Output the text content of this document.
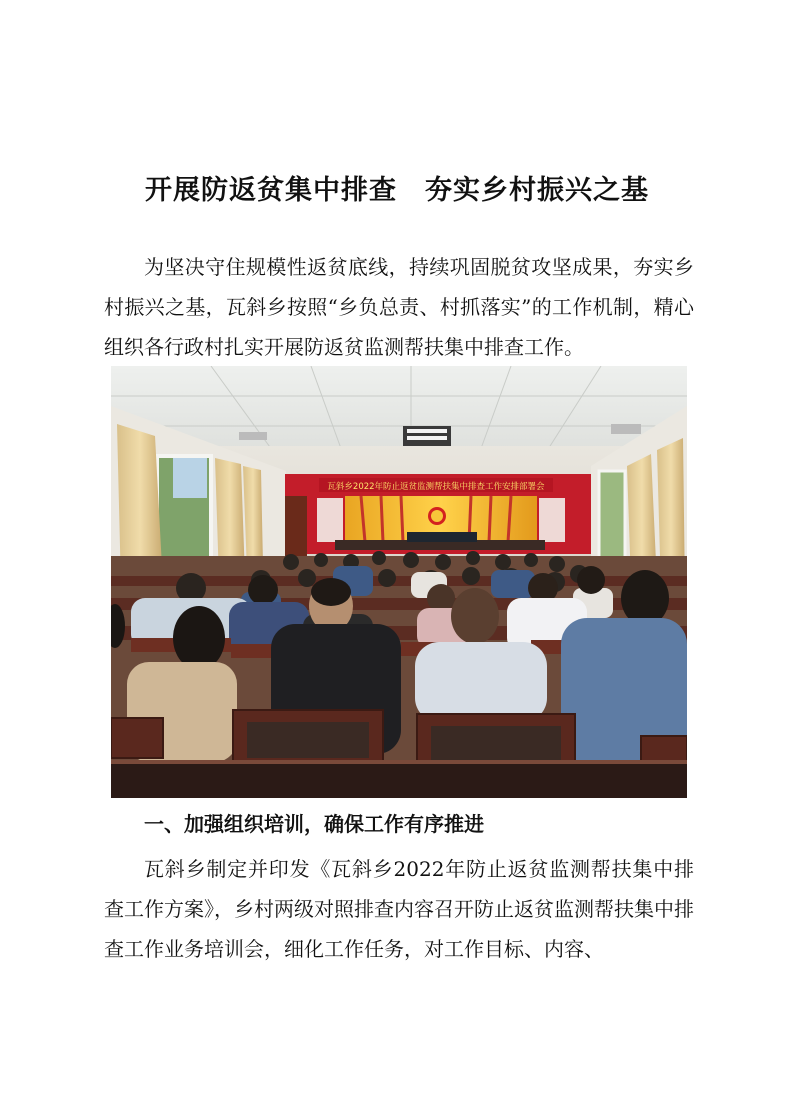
开展防返贫集中排查　夯实乡村振兴之基
为坚决守住规模性返贫底线，持续巩固脱贫攻坚成果，夯实乡村振兴之基，瓦斜乡按照“乡负总责、村抓落实”的工作机制，精心组织各行政村扎实开展防返贫监测帮扶集中排查工作。
瓦斜乡2022年防止返贫监测帮扶集中排查工作安排部署会
一、加强组织培训，确保工作有序推进
瓦斜乡制定并印发《瓦斜乡2022年防止返贫监测帮扶集中排查工作方案》，乡村两级对照排查内容召开防止返贫监测帮扶集中排查工作业务培训会，细化工作任务，对工作目标、内容、
